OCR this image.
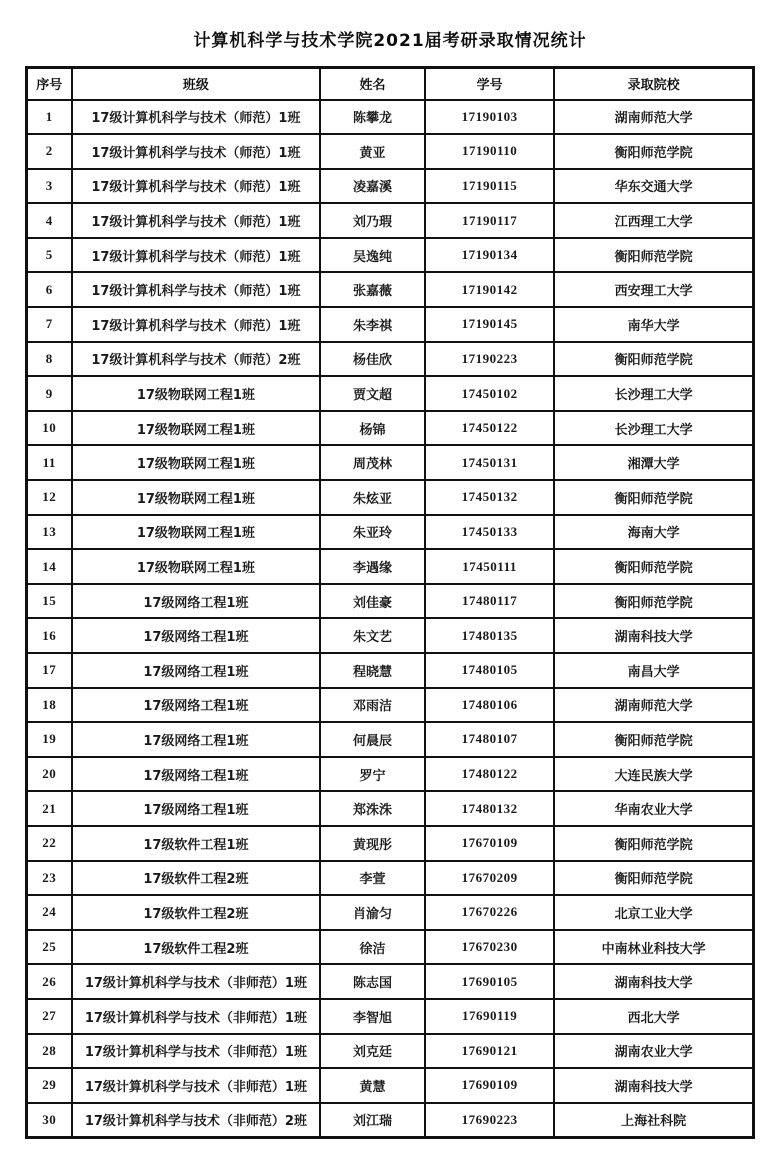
计算机科学与技术学院2021届考研录取情况统计
序号	班级	姓名	学号	录取院校
1	17级计算机科学与技术（师范）1班	陈攀龙	17190103	湖南师范大学
2	17级计算机科学与技术（师范）1班	黄亚	17190110	衡阳师范学院
3	17级计算机科学与技术（师范）1班	凌嘉溪	17190115	华东交通大学
4	17级计算机科学与技术（师范）1班	刘乃瑕	17190117	江西理工大学
5	17级计算机科学与技术（师范）1班	吴逸纯	17190134	衡阳师范学院
6	17级计算机科学与技术（师范）1班	张嘉薇	17190142	西安理工大学
7	17级计算机科学与技术（师范）1班	朱李祺	17190145	南华大学
8	17级计算机科学与技术（师范）2班	杨佳欣	17190223	衡阳师范学院
9	17级物联网工程1班	贾文超	17450102	长沙理工大学
10	17级物联网工程1班	杨锦	17450122	长沙理工大学
11	17级物联网工程1班	周茂林	17450131	湘潭大学
12	17级物联网工程1班	朱炫亚	17450132	衡阳师范学院
13	17级物联网工程1班	朱亚玲	17450133	海南大学
14	17级物联网工程1班	李遇缘	17450111	衡阳师范学院
15	17级网络工程1班	刘佳豪	17480117	衡阳师范学院
16	17级网络工程1班	朱文艺	17480135	湖南科技大学
17	17级网络工程1班	程晓慧	17480105	南昌大学
18	17级网络工程1班	邓雨洁	17480106	湖南师范大学
19	17级网络工程1班	何晨辰	17480107	衡阳师范学院
20	17级网络工程1班	罗宁	17480122	大连民族大学
21	17级网络工程1班	郑洙洙	17480132	华南农业大学
22	17级软件工程1班	黄现彤	17670109	衡阳师范学院
23	17级软件工程2班	李萱	17670209	衡阳师范学院
24	17级软件工程2班	肖渝匀	17670226	北京工业大学
25	17级软件工程2班	徐洁	17670230	中南林业科技大学
26	17级计算机科学与技术（非师范）1班	陈志国	17690105	湖南科技大学
27	17级计算机科学与技术（非师范）1班	李智旭	17690119	西北大学
28	17级计算机科学与技术（非师范）1班	刘克廷	17690121	湖南农业大学
29	17级计算机科学与技术（非师范）1班	黄慧	17690109	湖南科技大学
30	17级计算机科学与技术（非师范）2班	刘江瑞	17690223	上海社科院
